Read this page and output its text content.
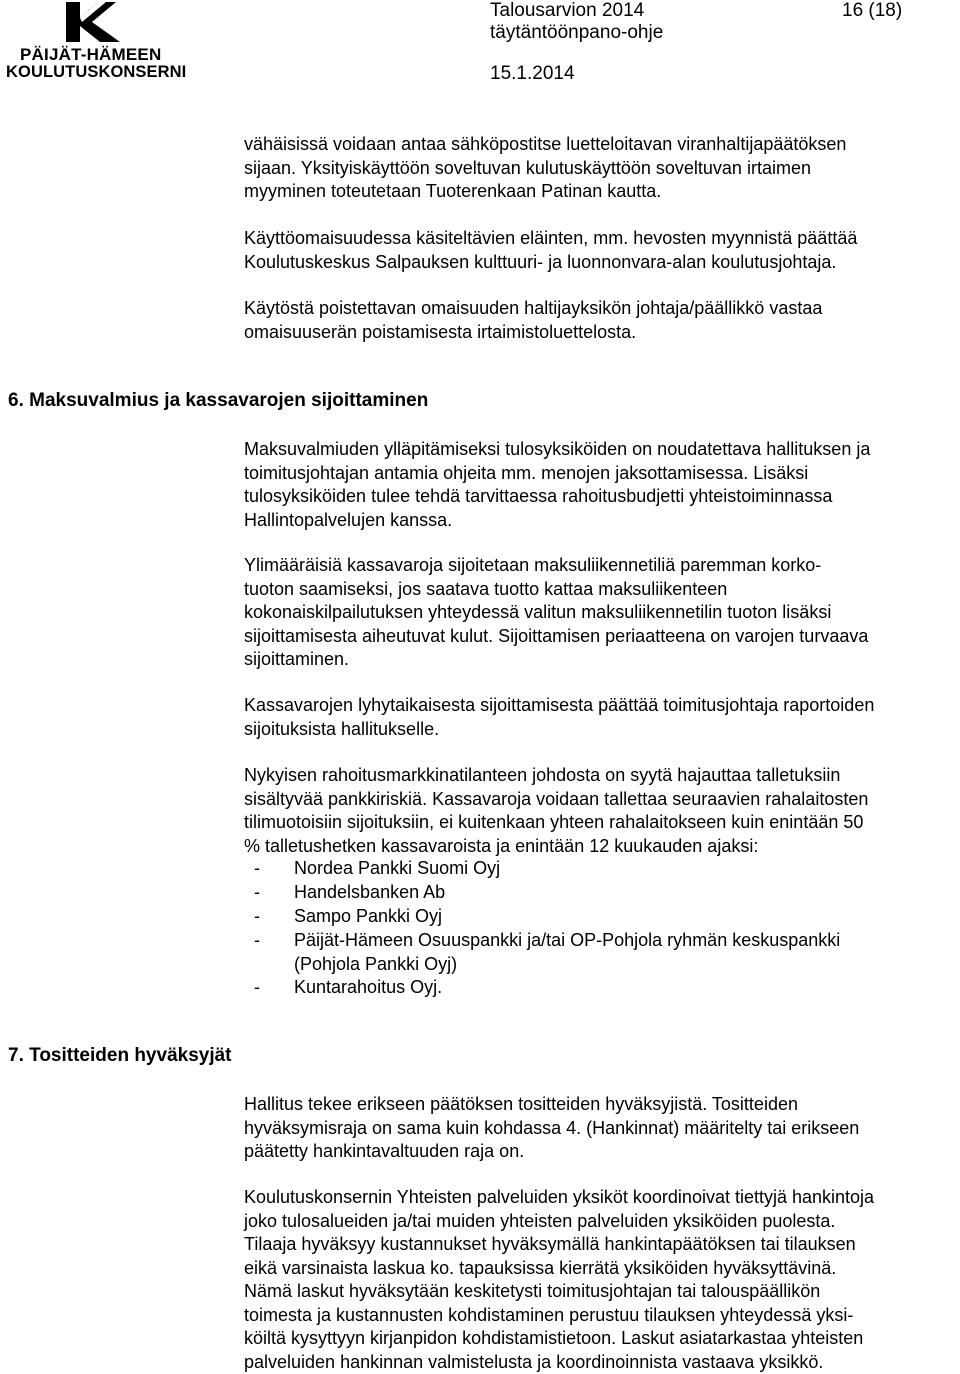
PÄIJÄT-HÄMEEN
KOULUTUSKONSERNI
Talousarvion 2014
täytäntöönpano-ohje
15.1.2014
16 (18)
vähäisissä voidaan antaa sähköpostitse luetteloitavan viranhaltijapäätöksen
sijaan. Yksityiskäyttöön soveltuvan kulutuskäyttöön soveltuvan irtaimen
myyminen toteutetaan Tuoterenkaan Patinan kautta.
Käyttöomaisuudessa käsiteltävien eläinten, mm. hevosten myynnistä päättää
Koulutuskeskus Salpauksen kulttuuri- ja luonnonvara-alan koulutusjohtaja.
Käytöstä poistettavan omaisuuden haltijayksikön johtaja/päällikkö vastaa
omaisuuserän poistamisesta irtaimistoluettelosta.
6. Maksuvalmius ja kassavarojen sijoittaminen
Maksuvalmiuden ylläpitämiseksi tulosyksiköiden on noudatettava hallituksen ja
toimitusjohtajan antamia ohjeita mm. menojen jaksottamisessa. Lisäksi
tulosyksiköiden tulee tehdä tarvittaessa rahoitusbudjetti yhteistoiminnassa
Hallintopalvelujen kanssa.
Ylimääräisiä kassavaroja sijoitetaan maksuliikennetiliä paremman korko-
tuoton saamiseksi, jos saatava tuotto kattaa maksuliikenteen
kokonaiskilpailutuksen yhteydessä valitun maksuliikennetilin tuoton lisäksi
sijoittamisesta aiheutuvat kulut. Sijoittamisen periaatteena on varojen turvaava
sijoittaminen.
Kassavarojen lyhytaikaisesta sijoittamisesta päättää toimitusjohtaja raportoiden
sijoituksista hallitukselle.
Nykyisen rahoitusmarkkinatilanteen johdosta on syytä hajauttaa talletuksiin
sisältyvää pankkiriskiä. Kassavaroja voidaan tallettaa seuraavien rahalaitosten
tilimuotoisiin sijoituksiin, ei kuitenkaan yhteen rahalaitokseen kuin enintään 50
% talletushetken kassavaroista ja enintään 12 kuukauden ajaksi:
- Nordea Pankki Suomi Oyj
- Handelsbanken Ab
- Sampo Pankki Oyj
- Päijät-Hämeen Osuuspankki ja/tai OP-Pohjola ryhmän keskuspankki
(Pohjola Pankki Oyj)
- Kuntarahoitus Oyj.
7. Tositteiden hyväksyjät
Hallitus tekee erikseen päätöksen tositteiden hyväksyjistä. Tositteiden
hyväksymisraja on sama kuin kohdassa 4. (Hankinnat) määritelty tai erikseen
päätetty hankintavaltuuden raja on.
Koulutuskonsernin Yhteisten palveluiden yksiköt koordinoivat tiettyjä hankintoja
joko tulosalueiden ja/tai muiden yhteisten palveluiden yksiköiden puolesta.
Tilaaja hyväksyy kustannukset hyväksymällä hankintapäätöksen tai tilauksen
eikä varsinaista laskua ko. tapauksissa kierrätä yksiköiden hyväksyttävinä.
Nämä laskut hyväksytään keskitetysti toimitusjohtajan tai talouspäällikön
toimesta ja kustannusten kohdistaminen perustuu tilauksen yhteydessä yksi-
köiltä kysyttyyn kirjanpidon kohdistamistietoon. Laskut asiatarkastaa yhteisten
palveluiden hankinnan valmistelusta ja koordinoinnista vastaava yksikkö.
